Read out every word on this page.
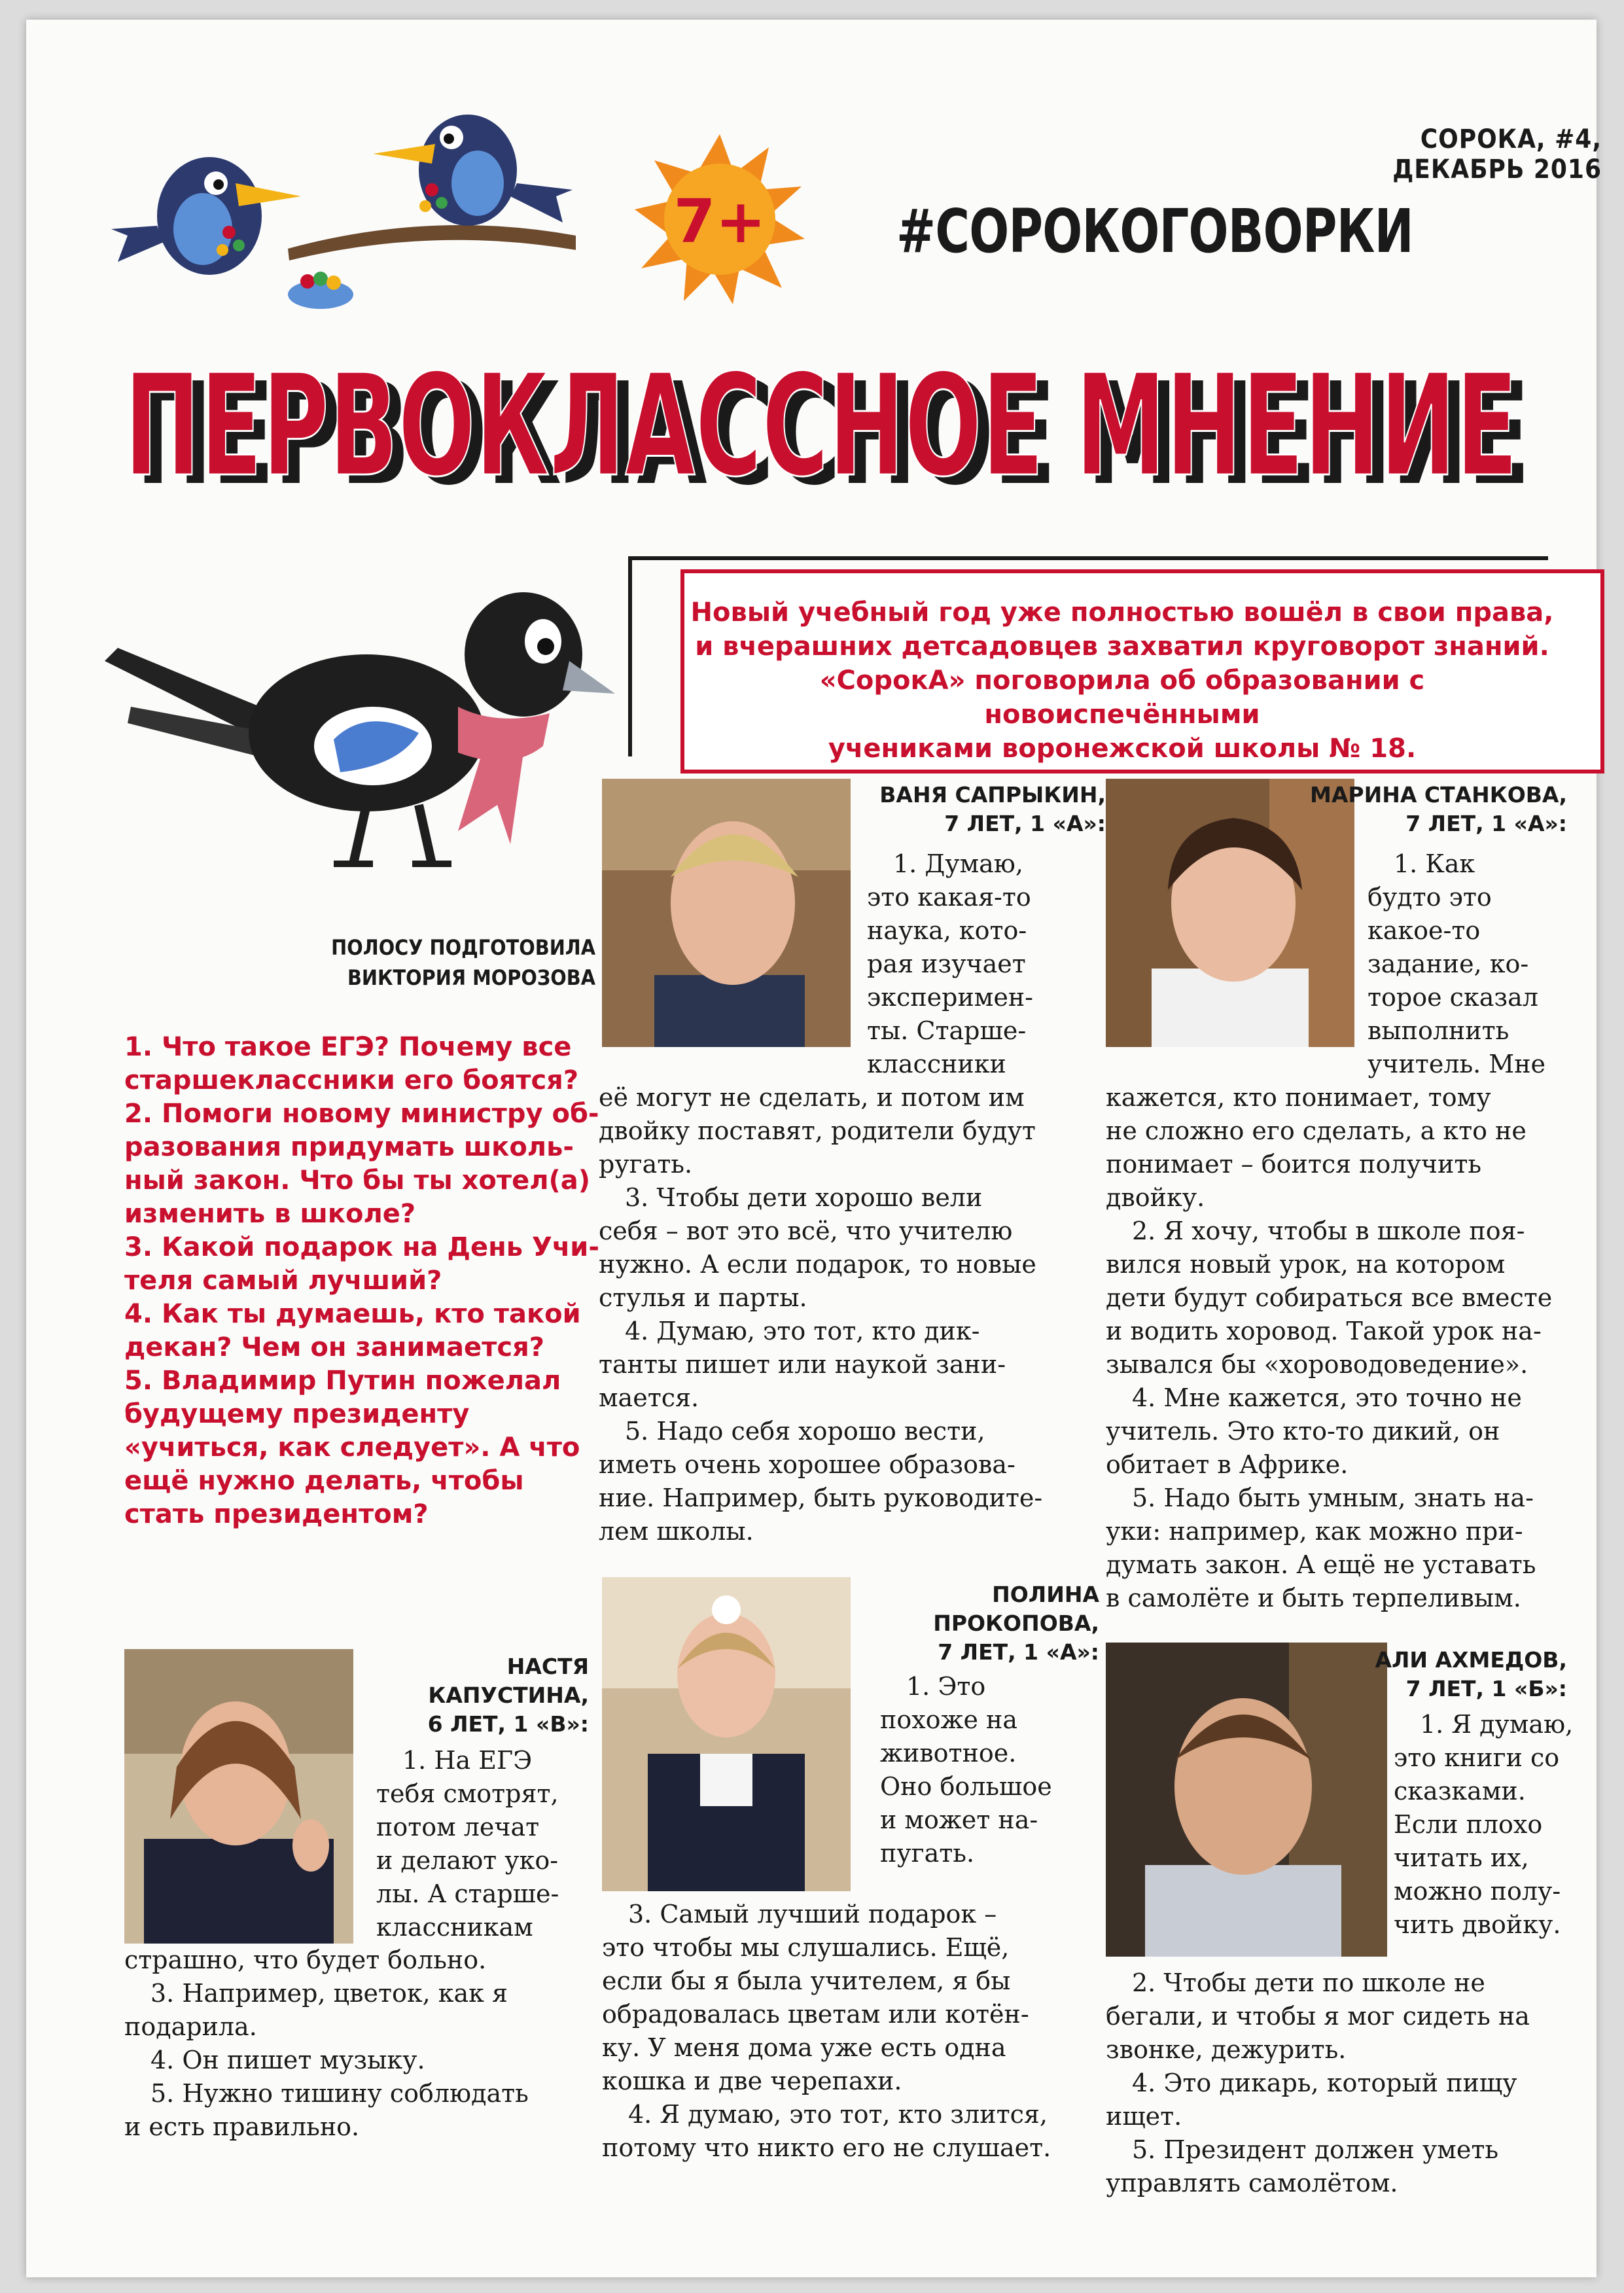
7+
СОРОКА, #4, ДЕКАБРЬ 2016
#СОРОКОГОВОРКИ
ПЕРВОКЛАССНОЕ МНЕНИЕ
ПЕРВОКЛАССНОЕ МНЕНИЕ
Новый учебный год уже полностью вошёл в свои права,
и вчерашних детсадовцев захватил круговорот знаний.
«СорокА» поговорила об образовании с новоиспечёнными
учениками воронежской школы № 18.
ПОЛОСУ ПОДГОТОВИЛА
ВИКТОРИЯ МОРОЗОВА
1. Что такое ЕГЭ? Почему все
старшеклассники его боятся?
2. Помоги новому министру об-
разования придумать школь-
ный закон. Что бы ты хотел(а)
изменить в школе?
3. Какой подарок на День Учи-
теля самый лучший?
4. Как ты думаешь, кто такой
декан? Чем он занимается?
5. Владимир Путин пожелал
будущему президенту
«учиться, как следует». А что
ещё нужно делать, чтобы
стать президентом?
ВАНЯ САПРЫКИН,
7 ЛЕТ, 1 «А»:
1. Думаю,
это какая-то
наука, кото-
рая изучает
эксперимен-
ты. Старше-
классники
её могут не сделать, и потом им
двойку поставят, родители будут
ругать.
3. Чтобы дети хорошо вели
себя – вот это всё, что учителю
нужно. А если подарок, то новые
стулья и парты.
4. Думаю, это тот, кто дик-
танты пишет или наукой зани-
мается.
5. Надо себя хорошо вести,
иметь очень хорошее образова-
ние. Например, быть руководите-
лем школы.
МАРИНА СТАНКОВА,
7 ЛЕТ, 1 «А»:
1. Как
будто это
какое-то
задание, ко-
торое сказал
выполнить
учитель. Мне
кажется, кто понимает, тому
не сложно его сделать, а кто не
понимает – боится получить
двойку.
2. Я хочу, чтобы в школе поя-
вился новый урок, на котором
дети будут собираться все вместе
и водить хоровод. Такой урок на-
зывался бы «хороводоведение».
4. Мне кажется, это точно не
учитель. Это кто-то дикий, он
обитает в Африке.
5. Надо быть умным, знать на-
уки: например, как можно при-
думать закон. А ещё не уставать
в самолёте и быть терпеливым.
НАСТЯ
КАПУСТИНА,
6 ЛЕТ, 1 «В»:
1. На ЕГЭ
тебя смотрят,
потом лечат
и делают уко-
лы. А старше-
классникам
страшно, что будет больно.
3. Например, цветок, как я
подарила.
4. Он пишет музыку.
5. Нужно тишину соблюдать
и есть правильно.
ПОЛИНА
ПРОКОПОВА,
7 ЛЕТ, 1 «А»:
1. Это
похоже на
животное.
Оно большое
и может на-
пугать.
3. Самый лучший подарок –
это чтобы мы слушались. Ещё,
если бы я была учителем, я бы
обрадовалась цветам или котён-
ку. У меня дома уже есть одна
кошка и две черепахи.
4. Я думаю, это тот, кто злится,
потому что никто его не слушает.
АЛИ АХМЕДОВ,
7 ЛЕТ, 1 «Б»:
1. Я думаю,
это книги со
сказками.
Если плохо
читать их,
можно полу-
чить двойку.
2. Чтобы дети по школе не
бегали, и чтобы я мог сидеть на
звонке, дежурить.
4. Это дикарь, который пищу
ищет.
5. Президент должен уметь
управлять самолётом.
